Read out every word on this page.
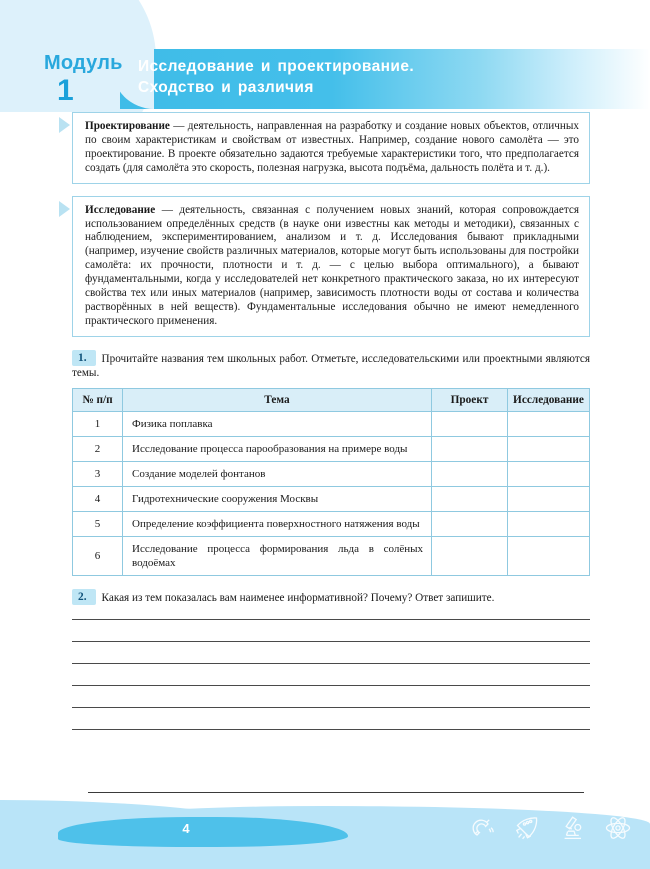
Модуль
1
Исследование и проектирование.
Сходство и различия

Проектирование — деятельность, направленная на разработку и создание новых объектов, отличных по своим характеристикам и свойствам от известных. Например, создание нового самолёта — это проектирование. В проекте обязательно задаются требуемые характеристики того, что предполагается создать (для самолёта это скорость, полезная нагрузка, высота подъёма, дальность полёта и т. д.).

Исследование — деятельность, связанная с получением новых знаний, которая сопровождается использованием определённых средств (в науке они известны как методы и методики), связанных с наблюдением, экспериментированием, анализом и т. д. Исследования бывают прикладными (например, изучение свойств различных материалов, которые могут быть использованы для постройки самолёта: их прочности, плотности и т. д. — с целью выбора оптимального), а бывают фундаментальными, когда у исследователей нет конкретного практического заказа, но их интересуют свойства тех или иных материалов (например, зависимость плотности воды от состава и количества растворённых в ней веществ). Фундаментальные исследования обычно не имеют немедленного практического применения.

1. Прочитайте названия тем школьных работ. Отметьте, исследовательскими или проектными являются темы.
№ п/п	Тема	Проект	Исследование
1	Физика поплавка		
2	Исследование процесса парообразования на примере воды		
3	Создание моделей фонтанов		
4	Гидротехнические сооружения Москвы		
5	Определение коэффициента поверхностного натяжения воды		
6	Исследование процесса формирования льда в солёных водоёмах		
2. Какая из тем показалась вам наименее информативной? Почему? Ответ запишите.
4
